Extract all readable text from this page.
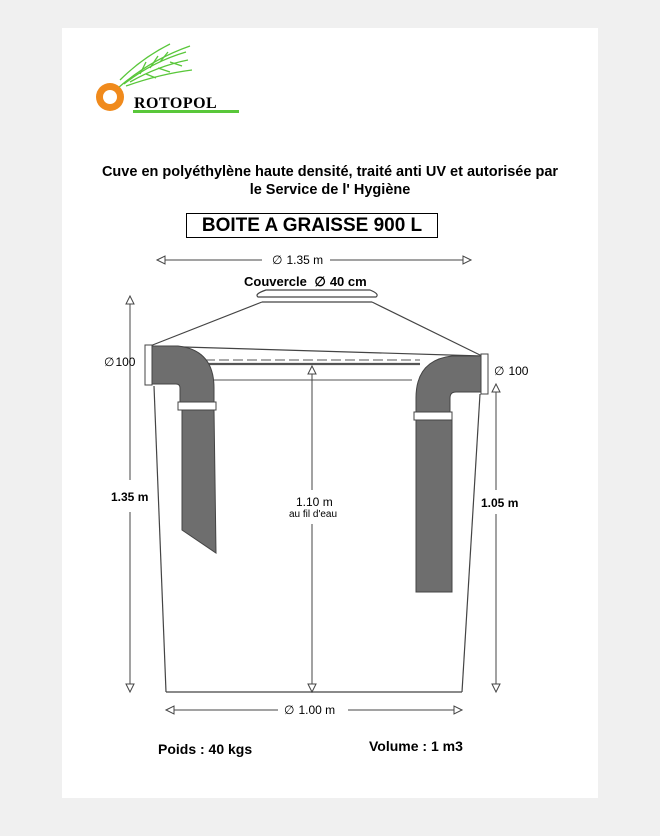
ROTOPOL
Cuve en polyéthylène haute densité, traité anti UV et autorisée par
le Service de l' Hygiène
BOITE A GRAISSE 900 L
∅ 1.35 m
Couvercle ∅ 40 cm
∅100
∅ 100
1.35 m	1.10 m
au fil d'eau
1.05 m
∅ 1.00 m
Poids : 40 kgs	Volume : 1 m3
